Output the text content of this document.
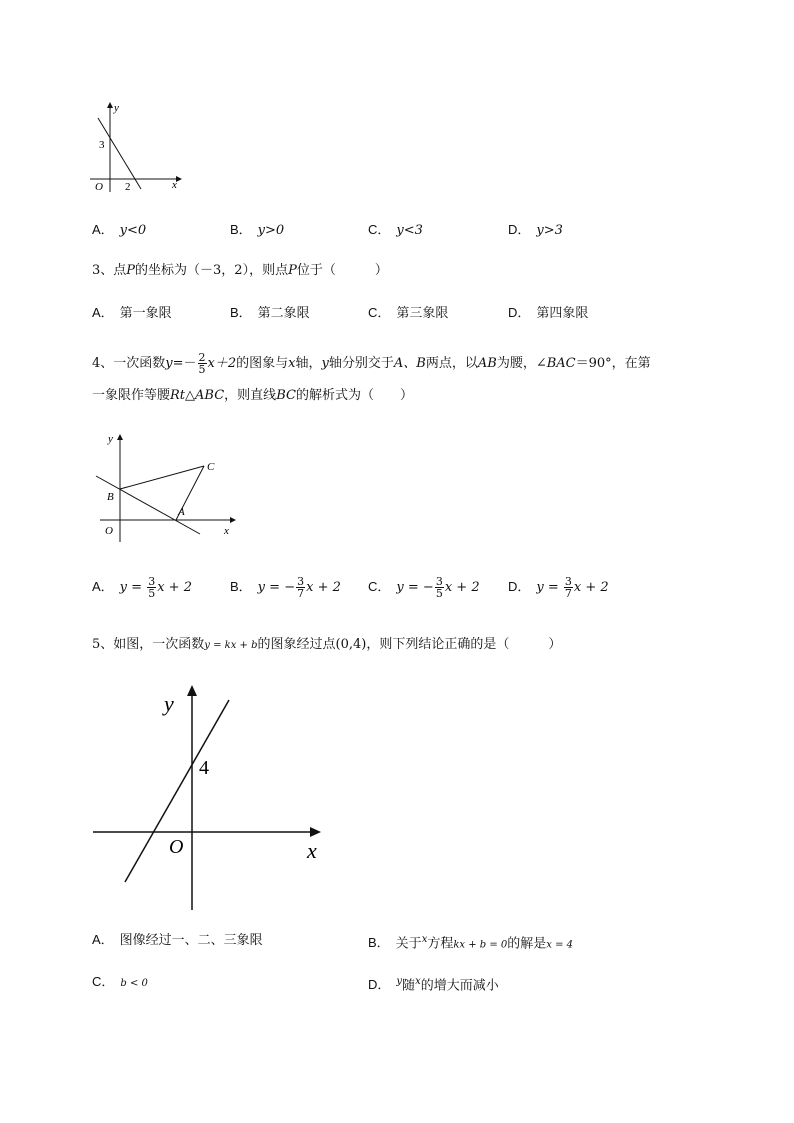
y
x
O
3
2
A． y<0	B． y>0	C． y<3	D． y>3
3、点P的坐标为（－3，2），则点P位于（　　　）
A． 第一象限	B． 第二象限	C． 第三象限	D． 第四象限
4、一次函数$y=- \frac{2}{5} x+2$的图象与x轴，y轴分别交于A、B两点，以AB为腰，∠BAC＝90°，在第
一象限作等腰Rt△ABC，则直线BC的解析式为（　　）
y
x
O
A
B
C
A． $y = \frac{3}{5}$ x + 2	B． y = − $\frac{3}{7}$ x + 2 C． y = − $\frac{3}{5}$ x + 2 D． $y = \frac{3}{7}$ x + 2
5、如图，一次函数y = kx + b的图象经过点(0,4)，则下列结论正确的是（　　　）
y
x
O
4
A． 图像经过一、二、三象限	B． 关于$^x$方程kx + b = 0的解是x = 4
C． b < 0	D． $^y$随$^x$的增大而减小
